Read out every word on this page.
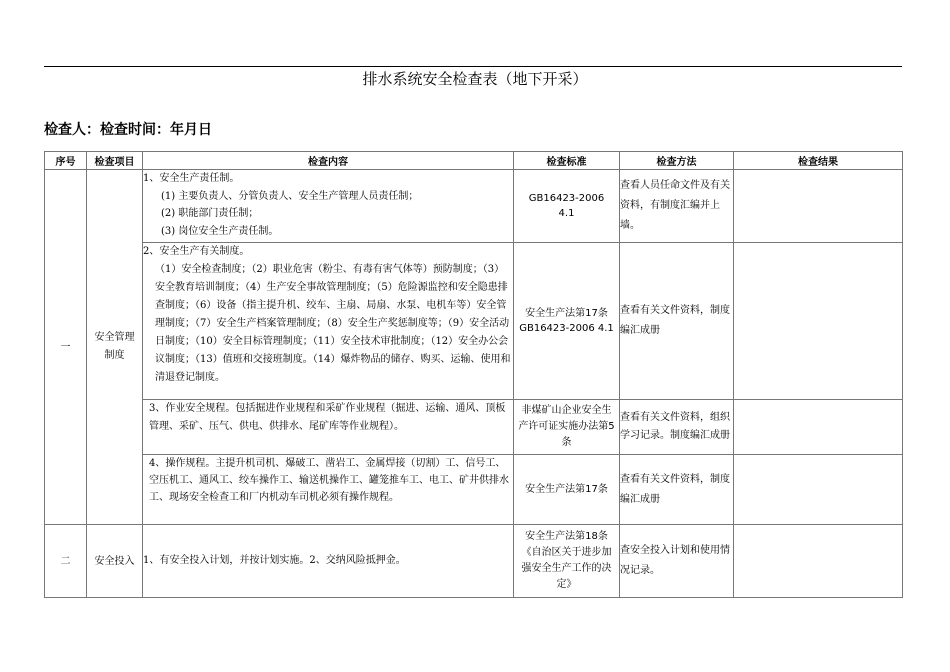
排水系统安全检查表（地下开采）
检查人：检查时间：年月日
序号	检查项目	检查内容	检查标准	检查方法	检查结果
一	安全管理制度	1、安全生产责任制。
(1) 主要负责人、分管负责人、安全生产管理人员责任制；
(2) 职能部门责任制；
(3) 岗位安全生产责任制。	GB16423-2006 4.1	查看人员任命文件及有关资料，有制度汇编并上墙。	

		2、安全生产有关制度。
（1）安全检查制度；（2）职业危害（粉尘、有毒有害气体等）预防制度；（3）安全教育培训制度；（4）生产安全事故管理制度；（5）危险源监控和安全隐患排查制度；（6）设备（指主提升机、绞车、主扇、局扇、水泵、电机车等）安全管理制度；（7）安全生产档案管理制度；（8）安全生产奖惩制度等；（9）安全活动日制度；（10）安全目标管理制度；（11）安全技术审批制度；（12）安全办公会议制度；（13）值班和交接班制度。（14）爆炸物品的储存、购买、运输、使用和清退登记制度。	安全生产法第17条 GB16423-2006 4.1	查看有关文件资料，制度编汇成册	

		3、作业安全规程。包括掘进作业规程和采矿作业规程（掘进、运输、通风、顶板管理、采矿、压气、供电、供排水、尾矿库等作业规程）。	非煤矿山企业安全生产许可证实施办法第5条	查看有关文件资料，组织学习记录。制度编汇成册	

		4、操作规程。主提升机司机、爆破工、凿岩工、金属焊接（切割）工、信号工、空压机工、通风工、绞车操作工、输送机操作工、罐笼推车工、电工、矿井供排水工、现场安全检查工和厂内机动车司机必须有操作规程。	安全生产法第17条	查看有关文件资料，制度编汇成册	
二	安全投入	1、有安全投入计划，并按计划实施。2、交纳风险抵押金。	安全生产法第18条《自治区关于进步加强安全生产工作的决定》	查安全投入计划和使用情况记录。	
